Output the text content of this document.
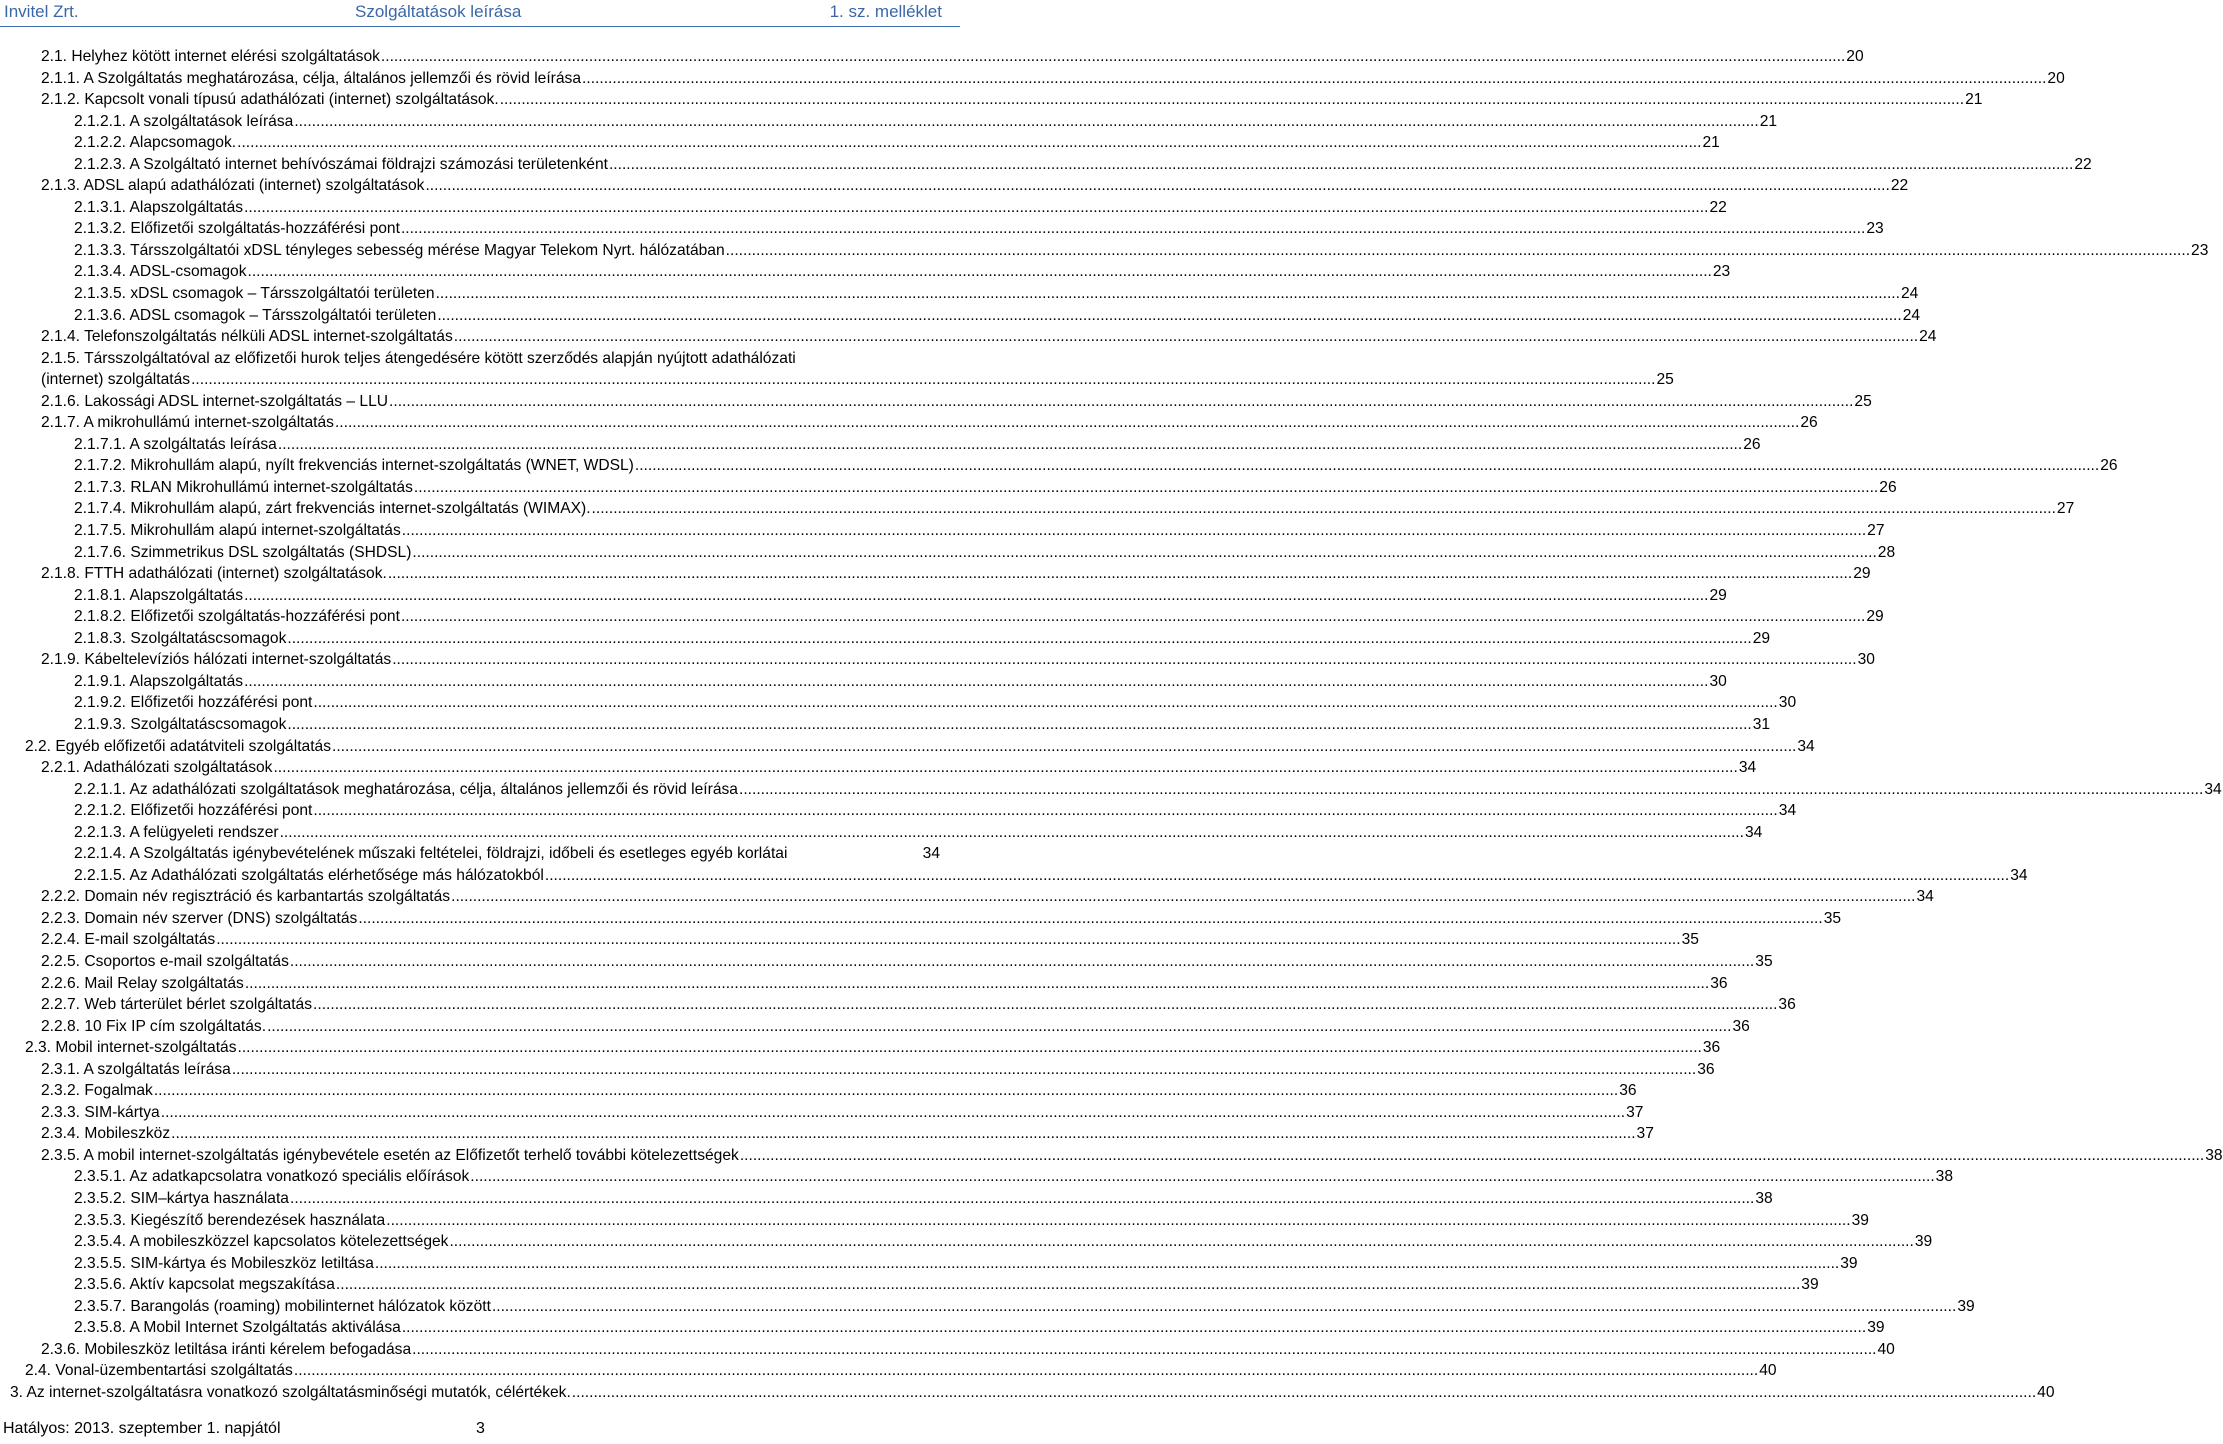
Invitel Zrt.	Szolgáltatások leírása	1. sz. melléklet
2.1. Helyhez kötött internet elérési szolgáltatások .....	20
2.1.1. A Szolgáltatás meghatározása, célja, általános jellemzői és rövid leírása .....	20
2.1.2. Kapcsolt vonali típusú adathálózati (internet) szolgáltatások. .....	21
2.1.2.1. A szolgáltatások leírása .....	21
2.1.2.2. Alapcsomagok. .....	21
2.1.2.3. A Szolgáltató internet behívószámai földrajzi számozási területenként .....	22
2.1.3. ADSL alapú adathálózati (internet) szolgáltatások .....	22
2.1.3.1. Alapszolgáltatás .....	22
2.1.3.2. Előfizetői szolgáltatás-hozzáférési pont .....	23
2.1.3.3. Társszolgáltatói xDSL tényleges sebesség mérése Magyar Telekom Nyrt. hálózatában .....	23
2.1.3.4. ADSL-csomagok .....	23
2.1.3.5. xDSL csomagok – Társszolgáltatói területen .....	24
2.1.3.6. ADSL csomagok – Társszolgáltatói területen .....	24
2.1.4. Telefonszolgáltatás nélküli ADSL internet-szolgáltatás .....	24
2.1.5. Társszolgáltatóval az előfizetői hurok teljes átengedésére kötött szerződés alapján nyújtott adathálózati
(internet) szolgáltatás .....	25
2.1.6. Lakossági ADSL internet-szolgáltatás – LLU .....	25
2.1.7. A mikrohullámú internet-szolgáltatás .....	26
2.1.7.1. A szolgáltatás leírása .....	26
2.1.7.2. Mikrohullám alapú, nyílt frekvenciás internet-szolgáltatás (WNET, WDSL) .....	26
2.1.7.3. RLAN Mikrohullámú internet-szolgáltatás .....	26
2.1.7.4. Mikrohullám alapú, zárt frekvenciás internet-szolgáltatás (WIMAX). .....	27
2.1.7.5. Mikrohullám alapú internet-szolgáltatás .....	27
2.1.7.6. Szimmetrikus DSL szolgáltatás (SHDSL) .....	28
2.1.8. FTTH adathálózati (internet) szolgáltatások. .....	29
2.1.8.1. Alapszolgáltatás .....	29
2.1.8.2. Előfizetői szolgáltatás-hozzáférési pont .....	29
2.1.8.3. Szolgáltatáscsomagok .....	29
2.1.9. Kábeltelevíziós hálózati internet-szolgáltatás .....	30
2.1.9.1. Alapszolgáltatás .....	30
2.1.9.2. Előfizetői hozzáférési pont .....	30
2.1.9.3. Szolgáltatáscsomagok .....	31
2.2. Egyéb előfizetői adatátviteli szolgáltatás .....	34
2.2.1. Adathálózati szolgáltatások .....	34
2.2.1.1. Az adathálózati szolgáltatások meghatározása, célja, általános jellemzői és rövid leírása .....	34
2.2.1.2. Előfizetői hozzáférési pont .....	34
2.2.1.3. A felügyeleti rendszer .....	34
2.2.1.4. A Szolgáltatás igénybevételének műszaki feltételei, földrajzi, időbeli és esetleges egyéb korlátai	34
2.2.1.5. Az Adathálózati szolgáltatás elérhetősége más hálózatokból .....	34
2.2.2. Domain név regisztráció és karbantartás szolgáltatás .....	34
2.2.3. Domain név szerver (DNS) szolgáltatás .....	35
2.2.4. E-mail szolgáltatás .....	35
2.2.5. Csoportos e-mail szolgáltatás .....	35
2.2.6. Mail Relay szolgáltatás .....	36
2.2.7. Web tárterület bérlet szolgáltatás .....	36
2.2.8. 10 Fix IP cím szolgáltatás. .....	36
2.3. Mobil internet-szolgáltatás .....	36
2.3.1. A szolgáltatás leírása .....	36
2.3.2. Fogalmak .....	36
2.3.3. SIM-kártya .....	37
2.3.4. Mobileszköz .....	37
2.3.5. A mobil internet-szolgáltatás igénybevétele esetén az Előfizetőt terhelő további kötelezettségek .....	38
2.3.5.1. Az adatkapcsolatra vonatkozó speciális előírások .....	38
2.3.5.2. SIM–kártya használata .....	38
2.3.5.3. Kiegészítő berendezések használata .....	39
2.3.5.4. A mobileszközzel kapcsolatos kötelezettségek .....	39
2.3.5.5. SIM-kártya és Mobileszköz letiltása .....	39
2.3.5.6. Aktív kapcsolat megszakítása .....	39
2.3.5.7. Barangolás (roaming) mobilinternet hálózatok között .....	39
2.3.5.8. A Mobil Internet Szolgáltatás aktiválása .....	39
2.3.6. Mobileszköz letiltása iránti kérelem befogadása .....	40
2.4. Vonal-üzembentartási szolgáltatás .....	40
3. Az internet-szolgáltatásra vonatkozó szolgáltatásminőségi mutatók, célértékek. .....	40
Hatályos: 2013. szeptember 1. napjától	3
